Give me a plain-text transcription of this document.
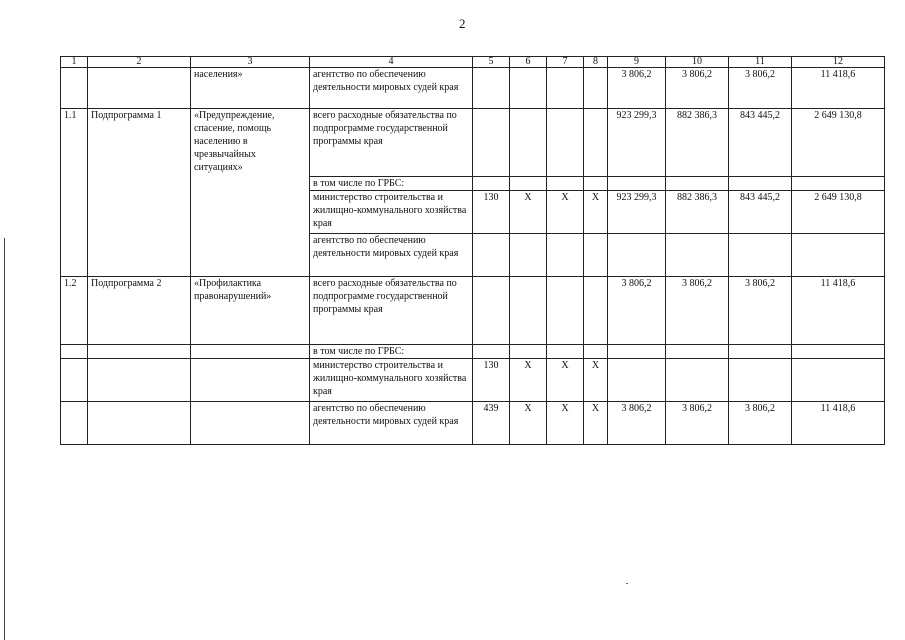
2
1	2	3	4	5	6	7	8	9	10	11	12
		населения»	агентство по обеспечению деятельности мировых судей края					3 806,2	3 806,2	3 806,2	11 418,6
1.1	Подпрограмма 1	«Предупреждение, спасение, помощь населению в чрезвычайных ситуациях»	всего расходные обязательства по подпрограмме государственной программы края					923 299,3	882 386,3	843 445,2	2 649 130,8
			в том числе по ГРБС:								
			министерство строительства и жилищно-коммунального хозяйства края	130	X	X	X	923 299,3	882 386,3	843 445,2	2 649 130,8
			агентство по обеспечению деятельности мировых судей края								
1.2	Подпрограмма 2	«Профилактика правонарушений»	всего расходные обязательства по подпрограмме государственной программы края					3 806,2	3 806,2	3 806,2	11 418,6
			в том числе по ГРБС:								
			министерство строительства и жилищно-коммунального хозяйства края	130	X	X	X				
			агентство по обеспечению деятельности мировых судей края	439	X	X	X	3 806,2	3 806,2	3 806,2	11 418,6
